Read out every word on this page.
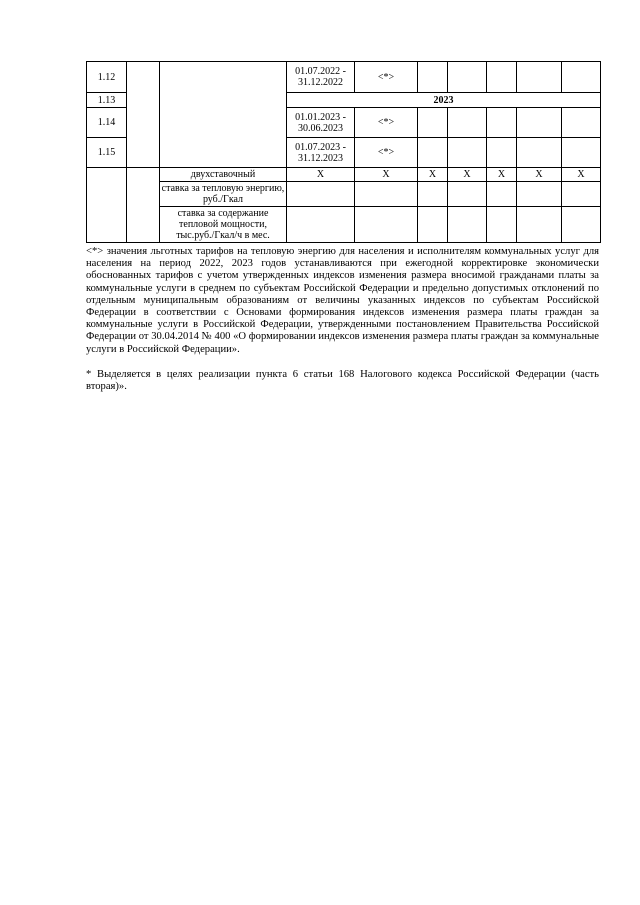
1.12			01.07.2022 - 31.12.2022	<*>					
1.13			2023						
1.14			01.01.2023 - 30.06.2023	<*>					
1.15			01.07.2023 - 31.12.2023	<*>					
		двухставочный	Х	Х	Х	Х	Х	Х	Х
		ставка за тепловую энергию, руб./Гкал							
		ставка за содержание тепловой мощности, тыс.руб./Гкал/ч в мес.							

<*> значения льготных тарифов на тепловую энергию для населения и исполнителям коммунальных услуг для населения на период 2022, 2023 годов устанавливаются при ежегодной корректировке экономически обоснованных тарифов с учетом утвержденных индексов изменения размера вносимой гражданами платы за коммунальные услуги в среднем по субъектам Российской Федерации и предельно допустимых отклонений по отдельным муниципальным образованиям от величины указанных индексов по субъектам Российской Федерации в соответствии с Основами формирования индексов изменения размера платы граждан за коммунальные услуги в Российской Федерации, утвержденными постановлением Правительства Российской Федерации от 30.04.2014 № 400 «О формировании индексов изменения размера платы граждан за коммунальные услуги в Российской Федерации».

* Выделяется в целях реализации пункта 6 статьи 168 Налогового кодекса Российской Федерации (часть вторая)».
